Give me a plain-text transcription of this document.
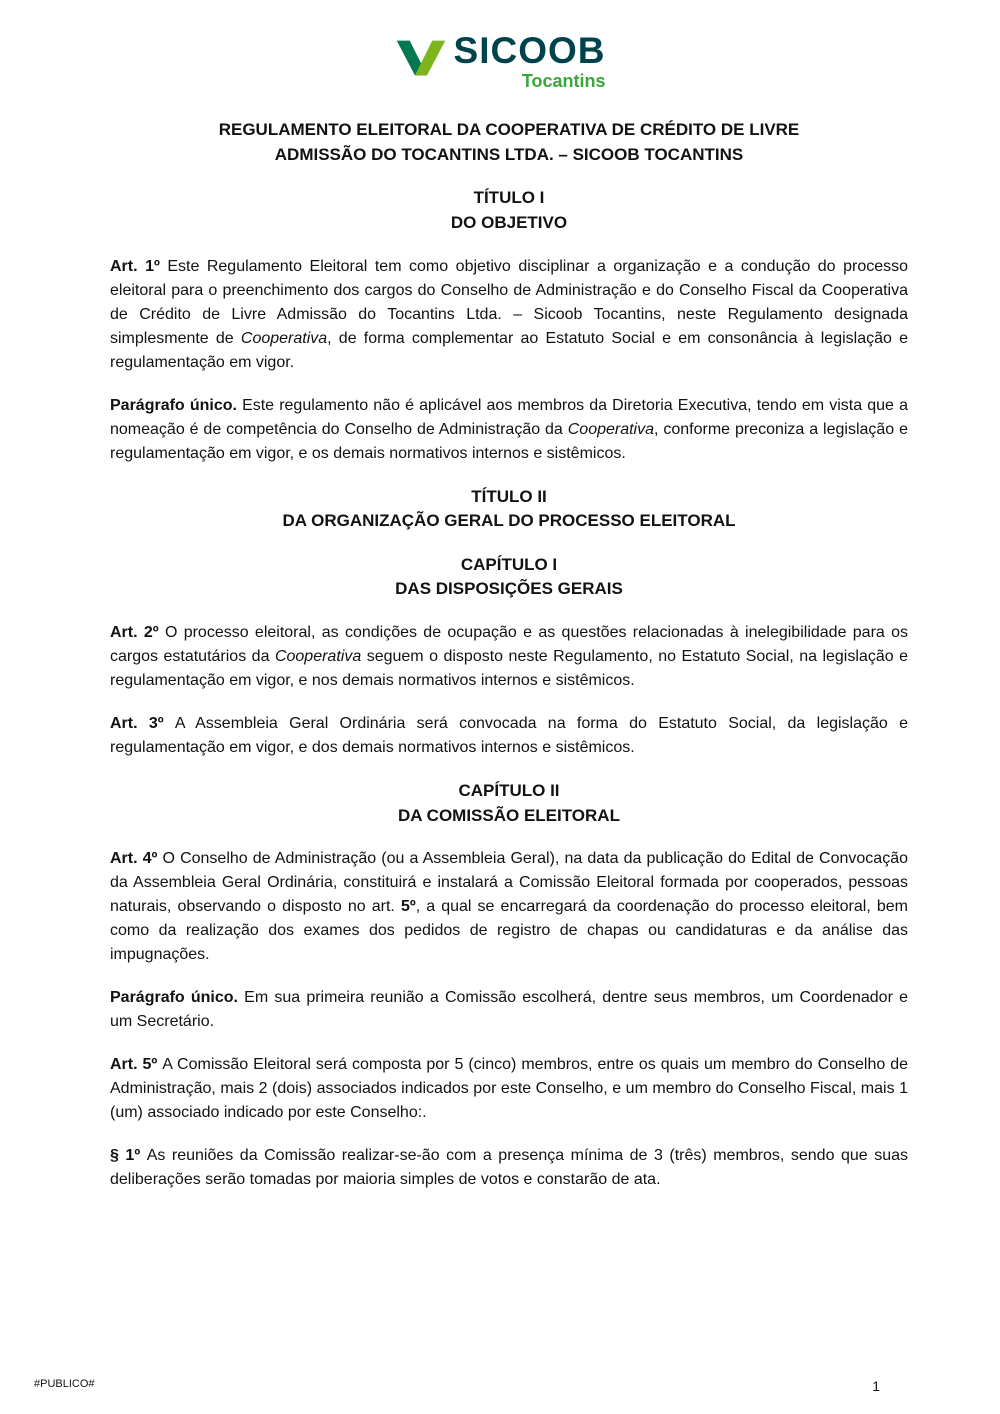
SICOOB
Tocantins
REGULAMENTO ELEITORAL DA COOPERATIVA DE CRÉDITO DE LIVRE
ADMISSÃO DO TOCANTINS LTDA. – SICOOB TOCANTINS
TÍTULO I
DO OBJETIVO

Art. 1º Este Regulamento Eleitoral tem como objetivo disciplinar a organização e a condução do processo eleitoral para o preenchimento dos cargos do Conselho de Administração e do Conselho Fiscal da Cooperativa de Crédito de Livre Admissão do Tocantins Ltda. – Sicoob Tocantins, neste Regulamento designada simplesmente de Cooperativa, de forma complementar ao Estatuto Social e em consonância à legislação e regulamentação em vigor.

Parágrafo único. Este regulamento não é aplicável aos membros da Diretoria Executiva, tendo em vista que a nomeação é de competência do Conselho de Administração da Cooperativa, conforme preconiza a legislação e regulamentação em vigor, e os demais normativos internos e sistêmicos.

TÍTULO II
DA ORGANIZAÇÃO GERAL DO PROCESSO ELEITORAL
CAPÍTULO I
DAS DISPOSIÇÕES GERAIS

Art. 2º O processo eleitoral, as condições de ocupação e as questões relacionadas à inelegibilidade para os cargos estatutários da Cooperativa seguem o disposto neste Regulamento, no Estatuto Social, na legislação e regulamentação em vigor, e nos demais normativos internos e sistêmicos.

Art. 3º A Assembleia Geral Ordinária será convocada na forma do Estatuto Social, da legislação e regulamentação em vigor, e dos demais normativos internos e sistêmicos.

CAPÍTULO II
DA COMISSÃO ELEITORAL

Art. 4º O Conselho de Administração (ou a Assembleia Geral), na data da publicação do Edital de Convocação da Assembleia Geral Ordinária, constituirá e instalará a Comissão Eleitoral formada por cooperados, pessoas naturais, observando o disposto no art. 5º, a qual se encarregará da coordenação do processo eleitoral, bem como da realização dos exames dos pedidos de registro de chapas ou candidaturas e da análise das impugnações.

Parágrafo único. Em sua primeira reunião a Comissão escolherá, dentre seus membros, um Coordenador e um Secretário.

Art. 5º A Comissão Eleitoral será composta por 5 (cinco) membros, entre os quais um membro do Conselho de Administração, mais 2 (dois) associados indicados por este Conselho, e um membro do Conselho Fiscal, mais 1 (um) associado indicado por este Conselho:.

§ 1º As reuniões da Comissão realizar-se-ão com a presença mínima de 3 (três) membros, sendo que suas deliberações serão tomadas por maioria simples de votos e constarão de ata.

#PUBLICO#	1
